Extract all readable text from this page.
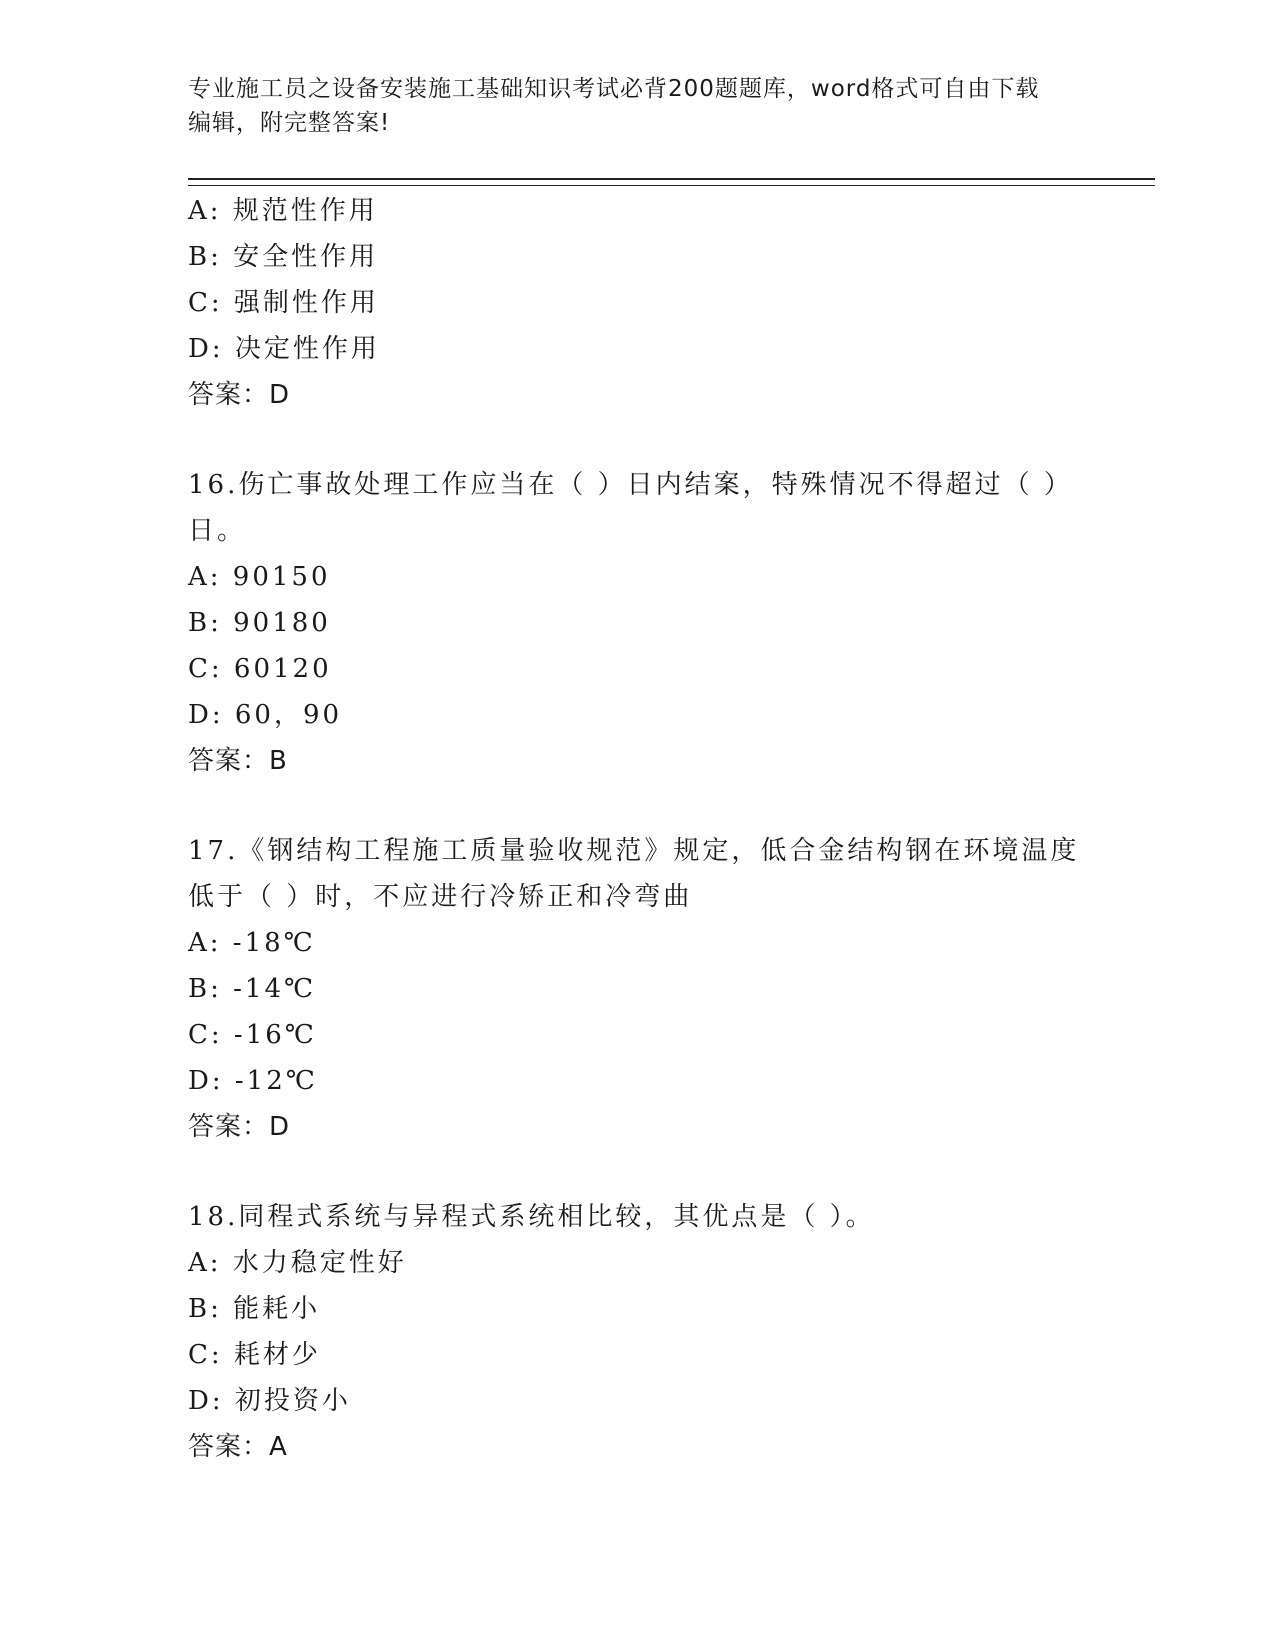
专业施工员之设备安装施工基础知识考试必背200题题库，word格式可自由下载
编辑，附完整答案!
A: 规范性作用
B: 安全性作用
C: 强制性作用
D: 决定性作用
答案：D
16.伤亡事故处理工作应当在（ ）日内结案，特殊情况不得超过（ ）
日。
A: 90150
B: 90180
C: 60120
D: 60，90
答案：B
17.《钢结构工程施工质量验收规范》规定，低合金结构钢在环境温度
低于（ ）时，不应进行冷矫正和冷弯曲
A: -18℃
B: -14℃
C: -16℃
D: -12℃
答案：D
18.同程式系统与异程式系统相比较，其优点是（ ）。
A: 水力稳定性好
B: 能耗小
C: 耗材少
D: 初投资小
答案：A
